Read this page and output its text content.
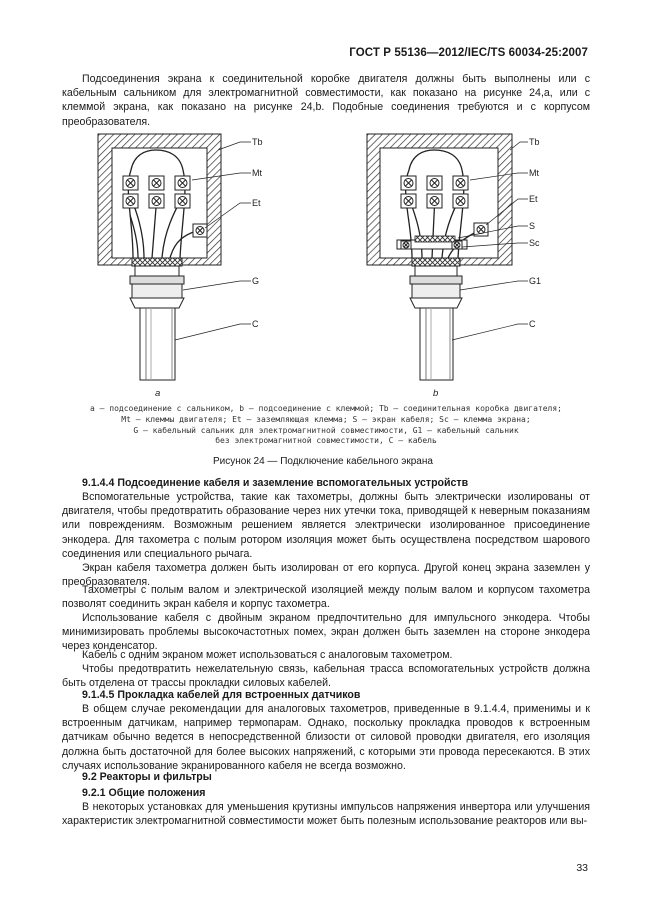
ГОСТ Р 55136—2012/IEC/TS 60034-25:2007
Подсоединения экрана к соединительной коробке двигателя должны быть выполнены или с кабельным сальником для электромагнитной совместимости, как показано на рисунке 24,а, или с клеммой экрана, как показано на рисунке 24,b. Подобные соединения требуются и с корпусом преобразователя.
Tb
Mt
Et
G
C
a
Tb
Mt
Et
S
Sc
G1
C
b
а — подсоединение с сальником, b — подсоединение с клеммой; Tb — соединительная коробка двигателя;
Mt — клеммы двигателя; Et — заземляющая клемма; S — экран кабеля; Sc — клемма экрана;
G — кабельный сальник для электромагнитной совместимости, G1 — кабельный сальник
без электромагнитной совместимости, C — кабель
Рисунок 24 — Подключение кабельного экрана
9.1.4.4 Подсоединение кабеля и заземление вспомогательных устройств
Вспомогательные устройства, такие как тахометры, должны быть электрически изолированы от двигателя, чтобы предотвратить образование через них утечки тока, приводящей к неверным показаниям или повреждениям. Возможным решением является электрически изолированное присоединение энкодера. Для тахометра с полым ротором изоляция может быть осуществлена посредством шарового соединения или специального рычага.
Экран кабеля тахометра должен быть изолирован от его корпуса. Другой конец экрана заземлен у преобразователя.
Тахометры с полым валом и электрической изоляцией между полым валом и корпусом тахометра позволят соединить экран кабеля и корпус тахометра.
Использование кабеля с двойным экраном предпочтительно для импульсного энкодера. Чтобы минимизировать проблемы высокочастотных помех, экран должен быть заземлен на стороне энкодера через конденсатор.
Кабель с одним экраном может использоваться с аналоговым тахометром.
Чтобы предотвратить нежелательную связь, кабельная трасса вспомогательных устройств должна быть отделена от трассы прокладки силовых кабелей.
9.1.4.5 Прокладка кабелей для встроенных датчиков
В общем случае рекомендации для аналоговых тахометров, приведенные в 9.1.4.4, применимы и к встроенным датчикам, например термопарам. Однако, поскольку прокладка проводов к встроенным датчикам обычно ведется в непосредственной близости от силовой проводки двигателя, его изоляция должна быть достаточной для более высоких напряжений, с которыми эти провода пересекаются. В этих случаях использование экранированного кабеля не всегда возможно.
9.2 Реакторы и фильтры
9.2.1 Общие положения
В некоторых установках для уменьшения крутизны импульсов напряжения инвертора или улучшения характеристик электромагнитной совместимости может быть полезным использование реакторов или вы-
33
